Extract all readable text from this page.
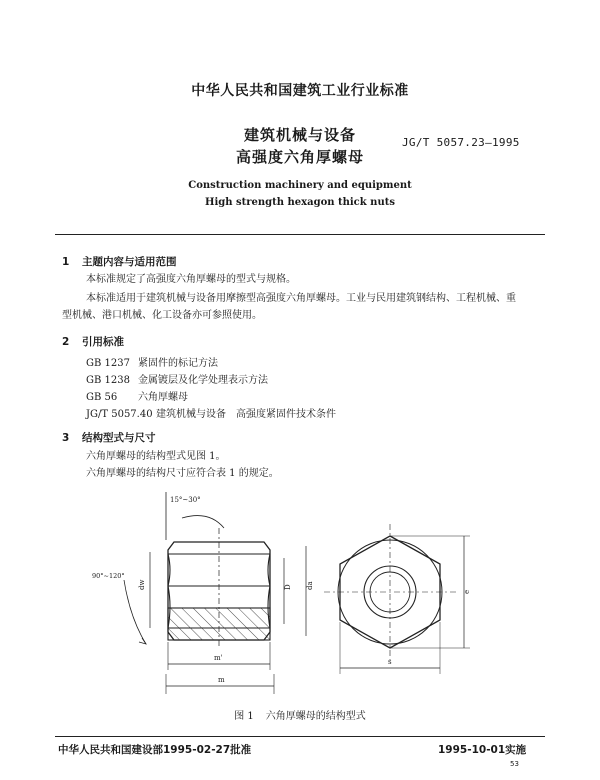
中华人民共和国建筑工业行业标准
建筑机械与设备	JG/T 5057.23—1995
高强度六角厚螺母
Construction machinery and equipment
High strength hexagon thick nuts
1 主题内容与适用范围
本标准规定了高强度六角厚螺母的型式与规格。
本标准适用于建筑机械与设备用摩擦型高强度六角厚螺母。工业与民用建筑钢结构、工程机械、重
型机械、港口机械、化工设备亦可参照使用。
2 引用标准
GB 1237 紧固件的标记方法
GB 1238 金属镀层及化学处理表示方法
GB 56 六角厚螺母
JG/T 5057.40 建筑机械与设备　高强度紧固件技术条件
3 结构型式与尺寸
六角厚螺母的结构型式见图 1。
六角厚螺母的结构尺寸应符合表 1 的规定。
15°~30°
90°~120°
dw	D da
m'
m
e
s
图 1 六角厚螺母的结构型式
中华人民共和国建设部1995-02-27批准	1995-10-01实施
53
